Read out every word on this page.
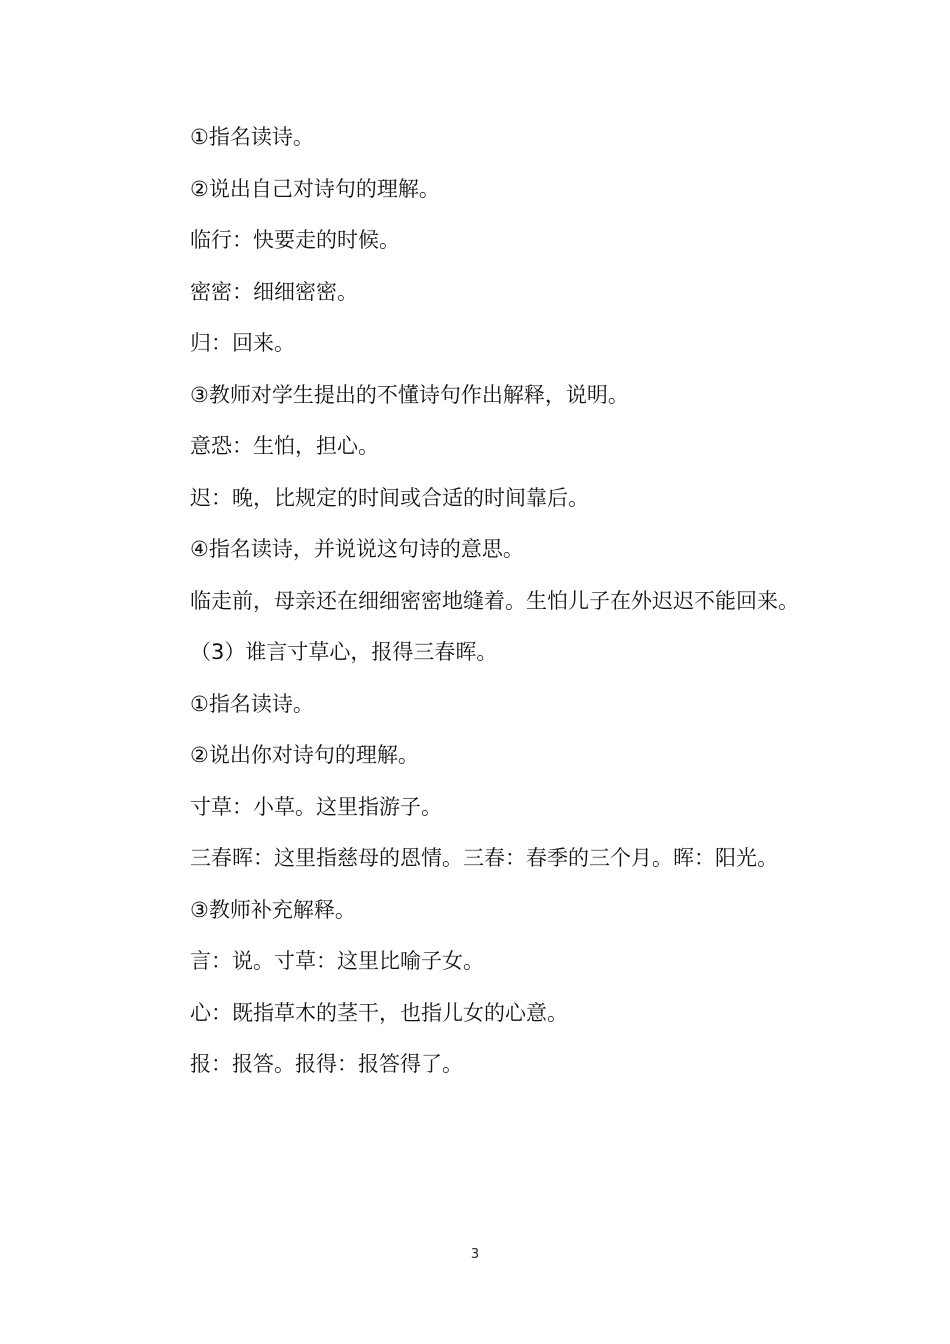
①指名读诗。

②说出自己对诗句的理解。

临行：快要走的时候。

密密：细细密密。

归：回来。

③教师对学生提出的不懂诗句作出解释，说明。

意恐：生怕，担心。

迟：晚，比规定的时间或合适的时间靠后。

④指名读诗，并说说这句诗的意思。

临走前，母亲还在细细密密地缝着。生怕儿子在外迟迟不能回来。

（3）谁言寸草心，报得三春晖。

①指名读诗。

②说出你对诗句的理解。

寸草：小草。这里指游子。

三春晖：这里指慈母的恩情。三春：春季的三个月。晖：阳光。

③教师补充解释。

言：说。寸草：这里比喻子女。

心：既指草木的茎干，也指儿女的心意。

报：报答。报得：报答得了。

3
